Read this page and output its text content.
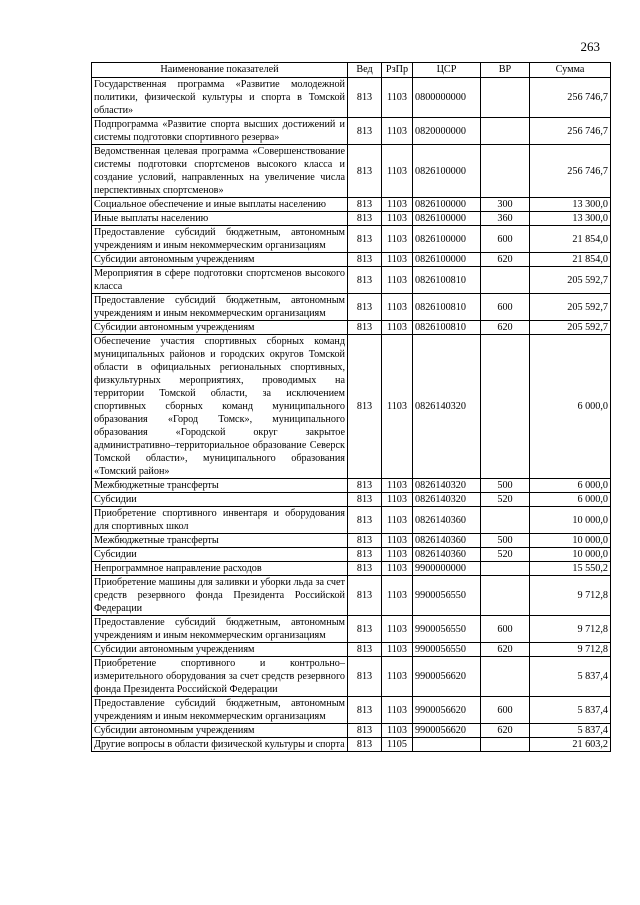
263
Наименование показателей	Вед	РзПр	ЦСР	ВР	Сумма
Государственная программа «Развитие молодежной политики, физической культуры и спорта в Томской области»	813	1103	0800000000		256 746,7
Подпрограмма «Развитие спорта высших достижений и системы подготовки спортивного резерва»	813	1103	0820000000		256 746,7
Ведомственная целевая программа «Совершенствование системы подготовки спортсменов высокого класса и создание условий, направленных на увеличение числа перспективных спортсменов»	813	1103	0826100000		256 746,7
Социальное обеспечение и иные выплаты населению	813	1103	0826100000	300	13 300,0
Иные выплаты населению	813	1103	0826100000	360	13 300,0
Предоставление субсидий бюджетным, автономным учреждениям и иным некоммерческим организациям	813	1103	0826100000	600	21 854,0
Субсидии автономным учреждениям	813	1103	0826100000	620	21 854,0
Мероприятия в сфере подготовки спортсменов высокого класса	813	1103	0826100810		205 592,7
Предоставление субсидий бюджетным, автономным учреждениям и иным некоммерческим организациям	813	1103	0826100810	600	205 592,7
Субсидии автономным учреждениям	813	1103	0826100810	620	205 592,7
Обеспечение участия спортивных сборных команд муниципальных районов и городских округов Томской области в официальных региональных спортивных, физкультурных мероприятиях, проводимых на территории Томской области, за исключением спортивных сборных команд муниципального образования «Город Томск», муниципального образования «Городской округ закрытое административно–территориальное образование Северск Томской области», муниципального образования «Томский район»	813	1103	0826140320		6 000,0
Межбюджетные трансферты	813	1103	0826140320	500	6 000,0
Субсидии	813	1103	0826140320	520	6 000,0
Приобретение спортивного инвентаря и оборудования для спортивных школ	813	1103	0826140360		10 000,0
Межбюджетные трансферты	813	1103	0826140360	500	10 000,0
Субсидии	813	1103	0826140360	520	10 000,0
Непрограммное направление расходов	813	1103	9900000000		15 550,2
Приобретение машины для заливки и уборки льда за счет средств резервного фонда Президента Российской Федерации	813	1103	9900056550		9 712,8
Предоставление субсидий бюджетным, автономным учреждениям и иным некоммерческим организациям	813	1103	9900056550	600	9 712,8
Субсидии автономным учреждениям	813	1103	9900056550	620	9 712,8
Приобретение спортивного и контрольно–измерительного оборудования за счет средств резервного фонда Президента Российской Федерации	813	1103	9900056620		5 837,4
Предоставление субсидий бюджетным, автономным учреждениям и иным некоммерческим организациям	813	1103	9900056620	600	5 837,4
Субсидии автономным учреждениям	813	1103	9900056620	620	5 837,4
Другие вопросы в области физической культуры и спорта	813	1105			21 603,2
